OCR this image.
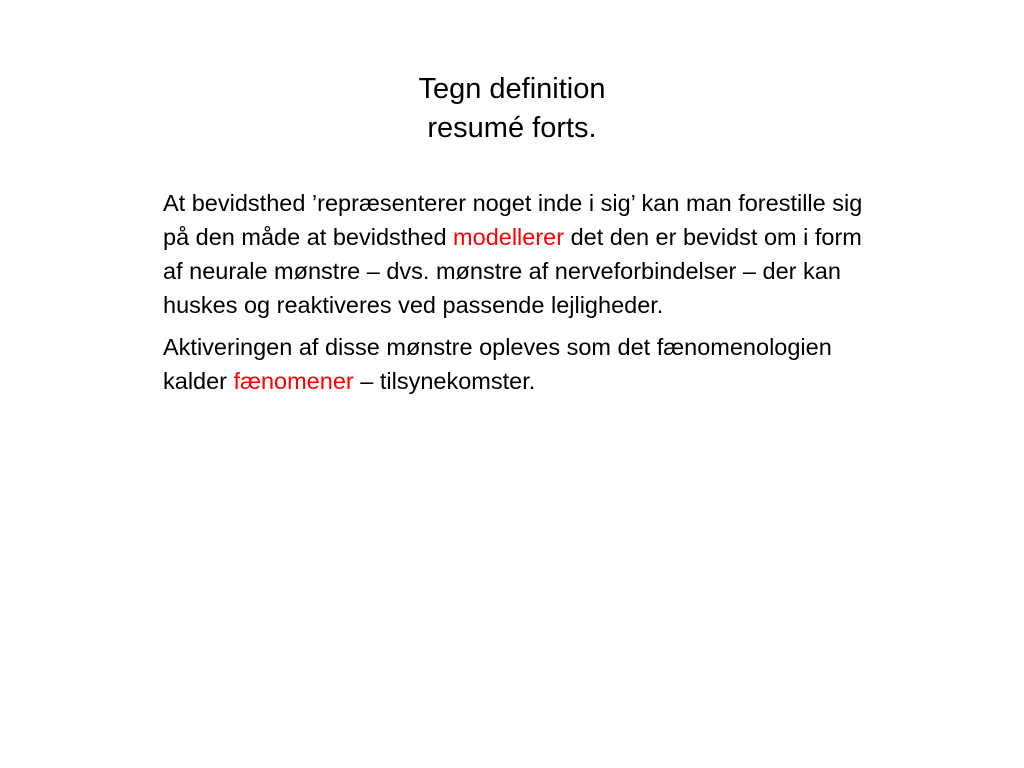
Tegn definition
resumé forts.

At bevidsthed ’repræsenterer noget inde i sig’ kan man forestille sig på den måde at bevidsthed modellerer det den er bevidst om i form af neurale mønstre – dvs. mønstre af nerveforbindelser – der kan huskes og reaktiveres ved passende lejligheder.

Aktiveringen af disse mønstre opleves som det fænomenologien kalder fænomener – tilsynekomster.
